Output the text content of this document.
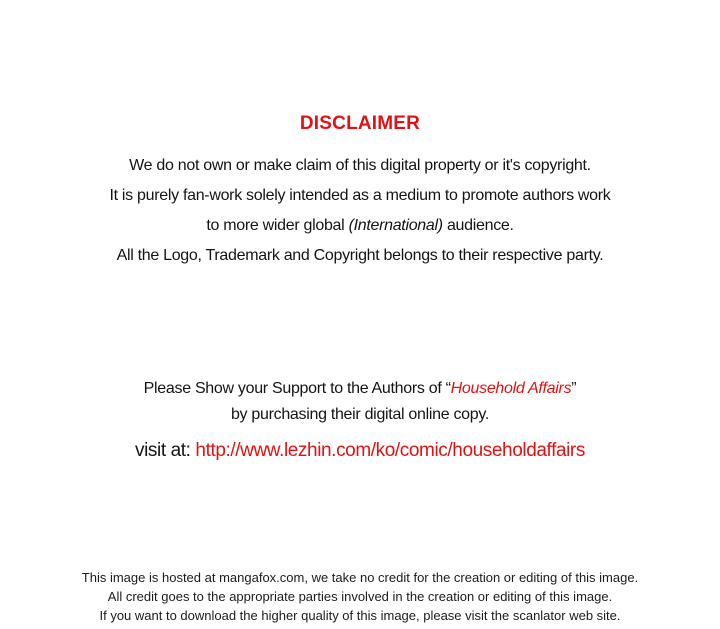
DISCLAIMER
We do not own or make claim of this digital property or it's copyright.
It is purely fan-work solely intended as a medium to promote authors work
to more wider global (International) audience.
All the Logo, Trademark and Copyright belongs to their respective party.
Please Show your Support to the Authors of “Household Affairs”
by purchasing their digital online copy.
visit at: http://www.lezhin.com/ko/comic/householdaffairs
This image is hosted at mangafox.com, we take no credit for the creation or editing of this image.
All credit goes to the appropriate parties involved in the creation or editing of this image.
If you want to download the higher quality of this image, please visit the scanlator web site.
